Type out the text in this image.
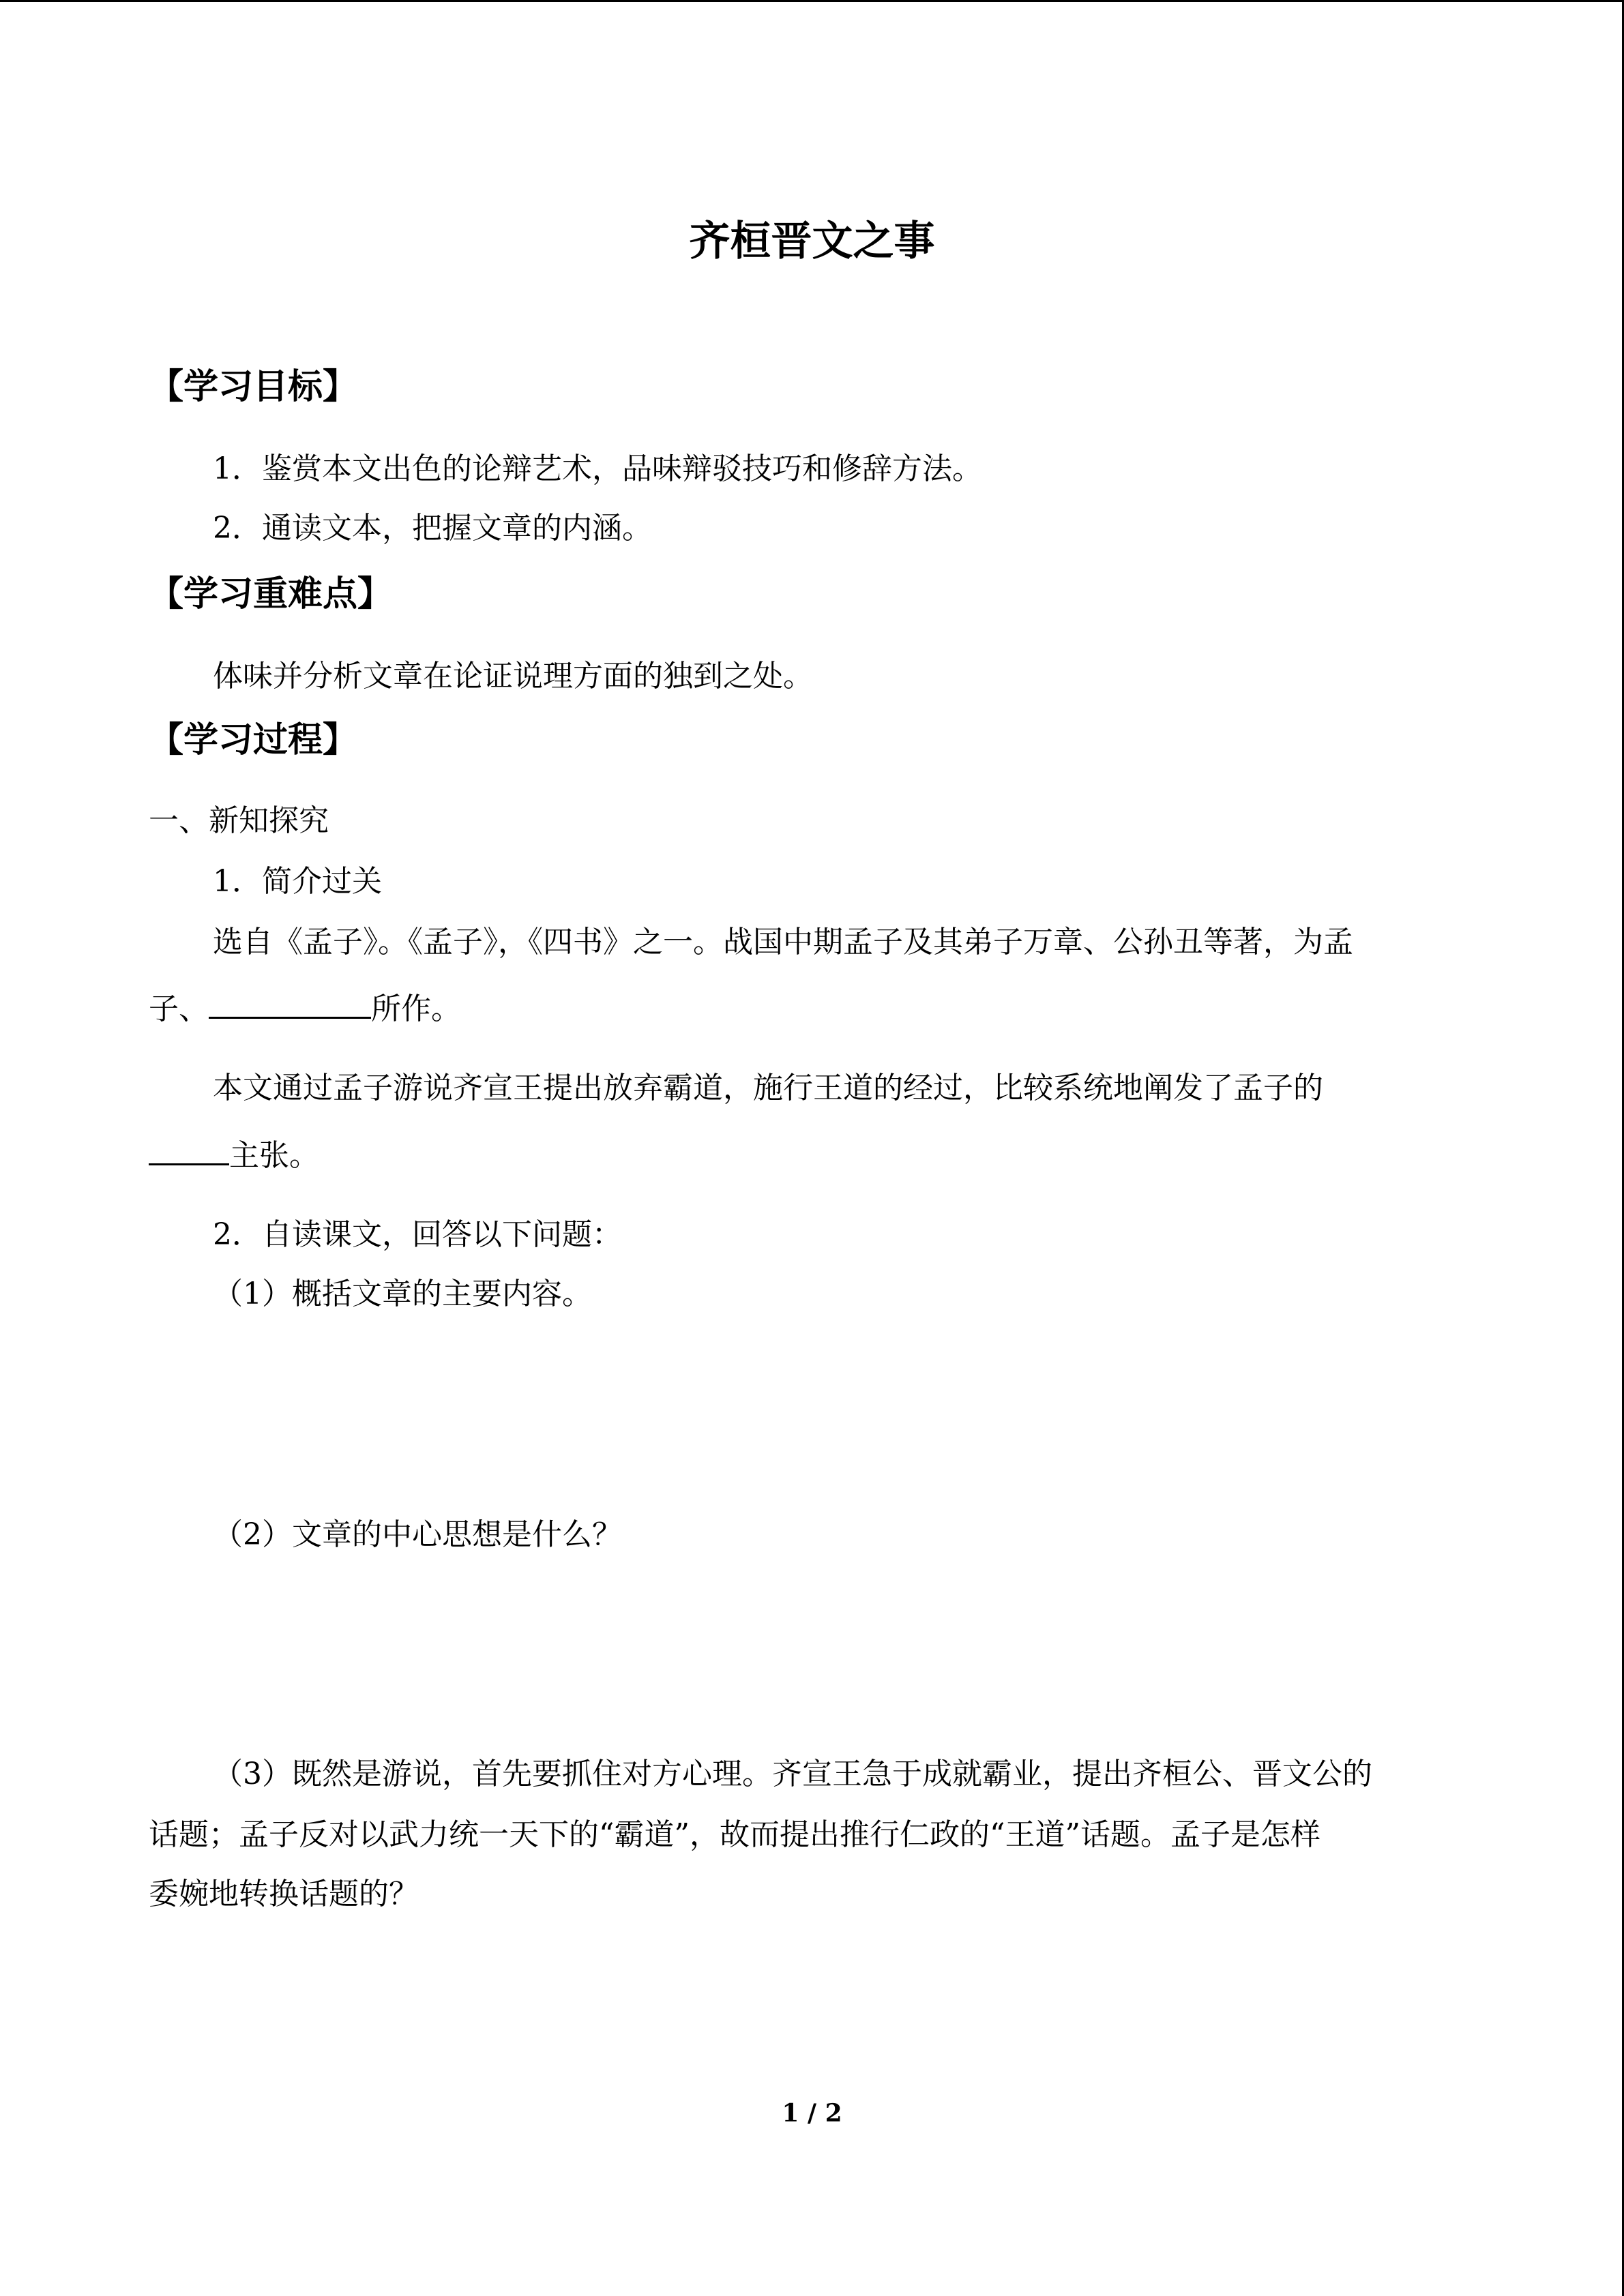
齐桓晋文之事
【学习目标】
1．鉴赏本文出色的论辩艺术，品味辩驳技巧和修辞方法。
2．通读文本，把握文章的内涵。
【学习重难点】
体味并分析文章在论证说理方面的独到之处。
【学习过程】
一、新知探究
1．简介过关
选自《孟子》。《孟子》，《四书》之一。战国中期孟子及其弟子万章、公孙丑等著，为孟
子、	所作。
本文通过孟子游说齐宣王提出放弃霸道，施行王道的经过，比较系统地阐发了孟子的
主张。
2．自读课文，回答以下问题：
（1）概括文章的主要内容。
（2）文章的中心思想是什么？
（3）既然是游说，首先要抓住对方心理。齐宣王急于成就霸业，提出齐桓公、晋文公的
话题；孟子反对以武力统一天下的“霸道”，故而提出推行仁政的“王道”话题。孟子是怎样
委婉地转换话题的？
1 / 2
